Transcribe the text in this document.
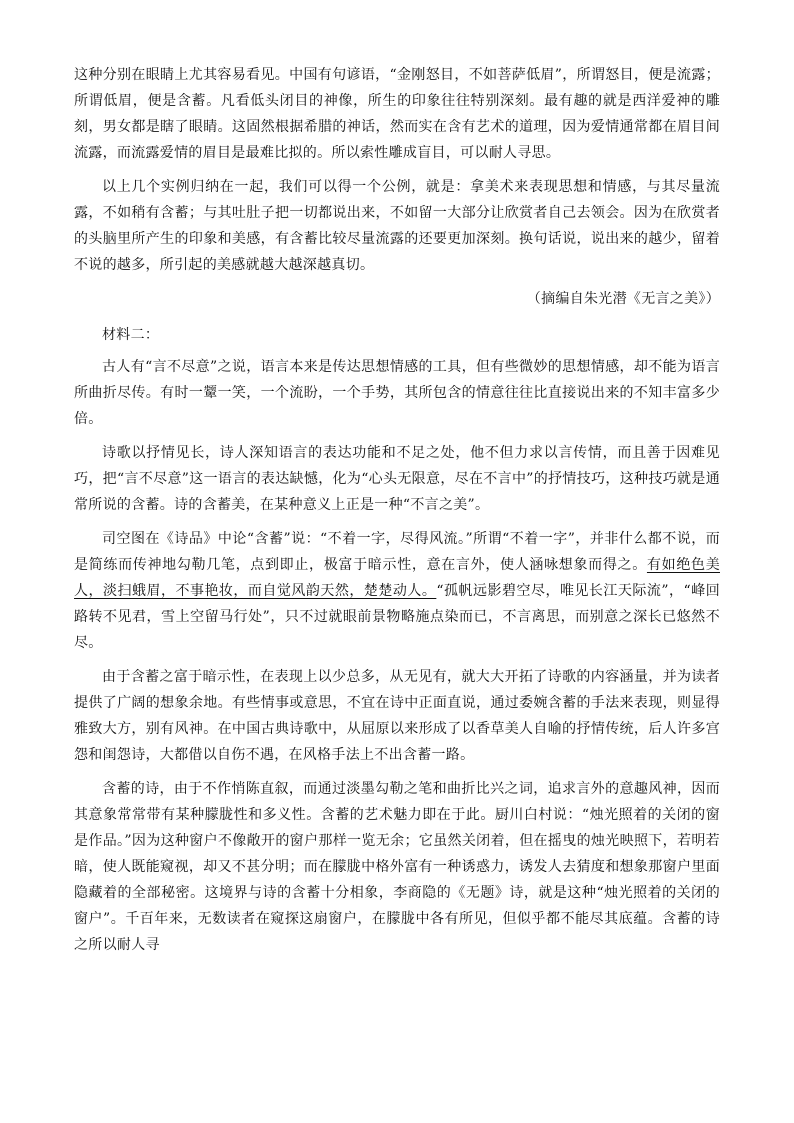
这种分别在眼睛上尤其容易看见。中国有句谚语，“金刚怒目，不如菩萨低眉”，所谓怒目，便是流露；所谓低眉，便是含蓄。凡看低头闭目的神像，所生的印象往往特别深刻。最有趣的就是西洋爱神的雕刻，男女都是瞎了眼睛。这固然根据希腊的神话，然而实在含有艺术的道理，因为爱情通常都在眉目间流露，而流露爱情的眉目是最难比拟的。所以索性雕成盲目，可以耐人寻思。

以上几个实例归纳在一起，我们可以得一个公例，就是：拿美术来表现思想和情感，与其尽量流露，不如稍有含蓄；与其吐肚子把一切都说出来，不如留一大部分让欣赏者自己去领会。因为在欣赏者的头脑里所产生的印象和美感，有含蓄比较尽量流露的还要更加深刻。换句话说，说出来的越少，留着不说的越多，所引起的美感就越大越深越真切。

（摘编自朱光潜《无言之美》）

材料二：

古人有“言不尽意”之说，语言本来是传达思想情感的工具，但有些微妙的思想情感，却不能为语言所曲折尽传。有时一颦一笑，一个流盼，一个手势，其所包含的情意往往比直接说出来的不知丰富多少倍。

诗歌以抒情见长，诗人深知语言的表达功能和不足之处，他不但力求以言传情，而且善于因难见巧，把“言不尽意”这一语言的表达缺憾，化为“心头无限意，尽在不言中”的抒情技巧，这种技巧就是通常所说的含蓄。诗的含蓄美，在某种意义上正是一种“不言之美”。

司空图在《诗品》中论“含蓄”说：“不着一字，尽得风流。”所谓“不着一字”，并非什么都不说，而是简练而传神地勾勒几笔，点到即止，极富于暗示性，意在言外，使人涵咏想象而得之。有如绝色美人，淡扫蛾眉，不事艳妆，而自觉风韵天然，楚楚动人。“孤帆远影碧空尽，唯见长江天际流”，“峰回路转不见君，雪上空留马行处”，只不过就眼前景物略施点染而已，不言离思，而别意之深长已悠然不尽。

由于含蓄之富于暗示性，在表现上以少总多，从无见有，就大大开拓了诗歌的内容涵量，并为读者提供了广阔的想象余地。有些情事或意思，不宜在诗中正面直说，通过委婉含蓄的手法来表现，则显得雅致大方，别有风神。在中国古典诗歌中，从屈原以来形成了以香草美人自喻的抒情传统，后人许多宫怨和闺怨诗，大都借以自伤不遇，在风格手法上不出含蓄一路。

含蓄的诗，由于不作悄陈直叙，而通过淡墨勾勒之笔和曲折比兴之词，追求言外的意趣风神，因而其意象常常带有某种朦胧性和多义性。含蓄的艺术魅力即在于此。厨川白村说：“烛光照着的关闭的窗是作品。”因为这种窗户不像敞开的窗户那样一览无余；它虽然关闭着，但在摇曳的烛光映照下，若明若暗，使人既能窥视，却又不甚分明；而在朦胧中格外富有一种诱惑力，诱发人去猜度和想象那窗户里面隐藏着的全部秘密。这境界与诗的含蓄十分相象，李商隐的《无题》诗，就是这种“烛光照着的关闭的窗户”。千百年来，无数读者在窥探这扇窗户，在朦胧中各有所见，但似乎都不能尽其底蕴。含蓄的诗之所以耐人寻
